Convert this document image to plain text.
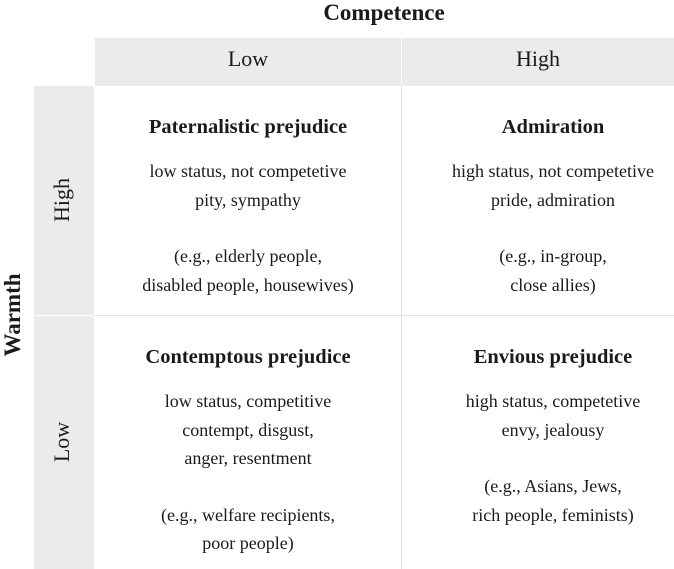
Competence
Low	High
High
Low
Warmth
Paternalistic prejudice
low status, not competetive
pity, sympathy
(e.g., elderly people,
disabled people, housewives)
Admiration
high status, not competetive
pride, admiration
(e.g., in-group,
close allies)
Contemptous prejudice
low status, competitive
contempt, disgust,
anger, resentment
(e.g., welfare recipients,
poor people)
Envious prejudice
high status, competetive
envy, jealousy
(e.g., Asians, Jews,
rich people, feminists)
